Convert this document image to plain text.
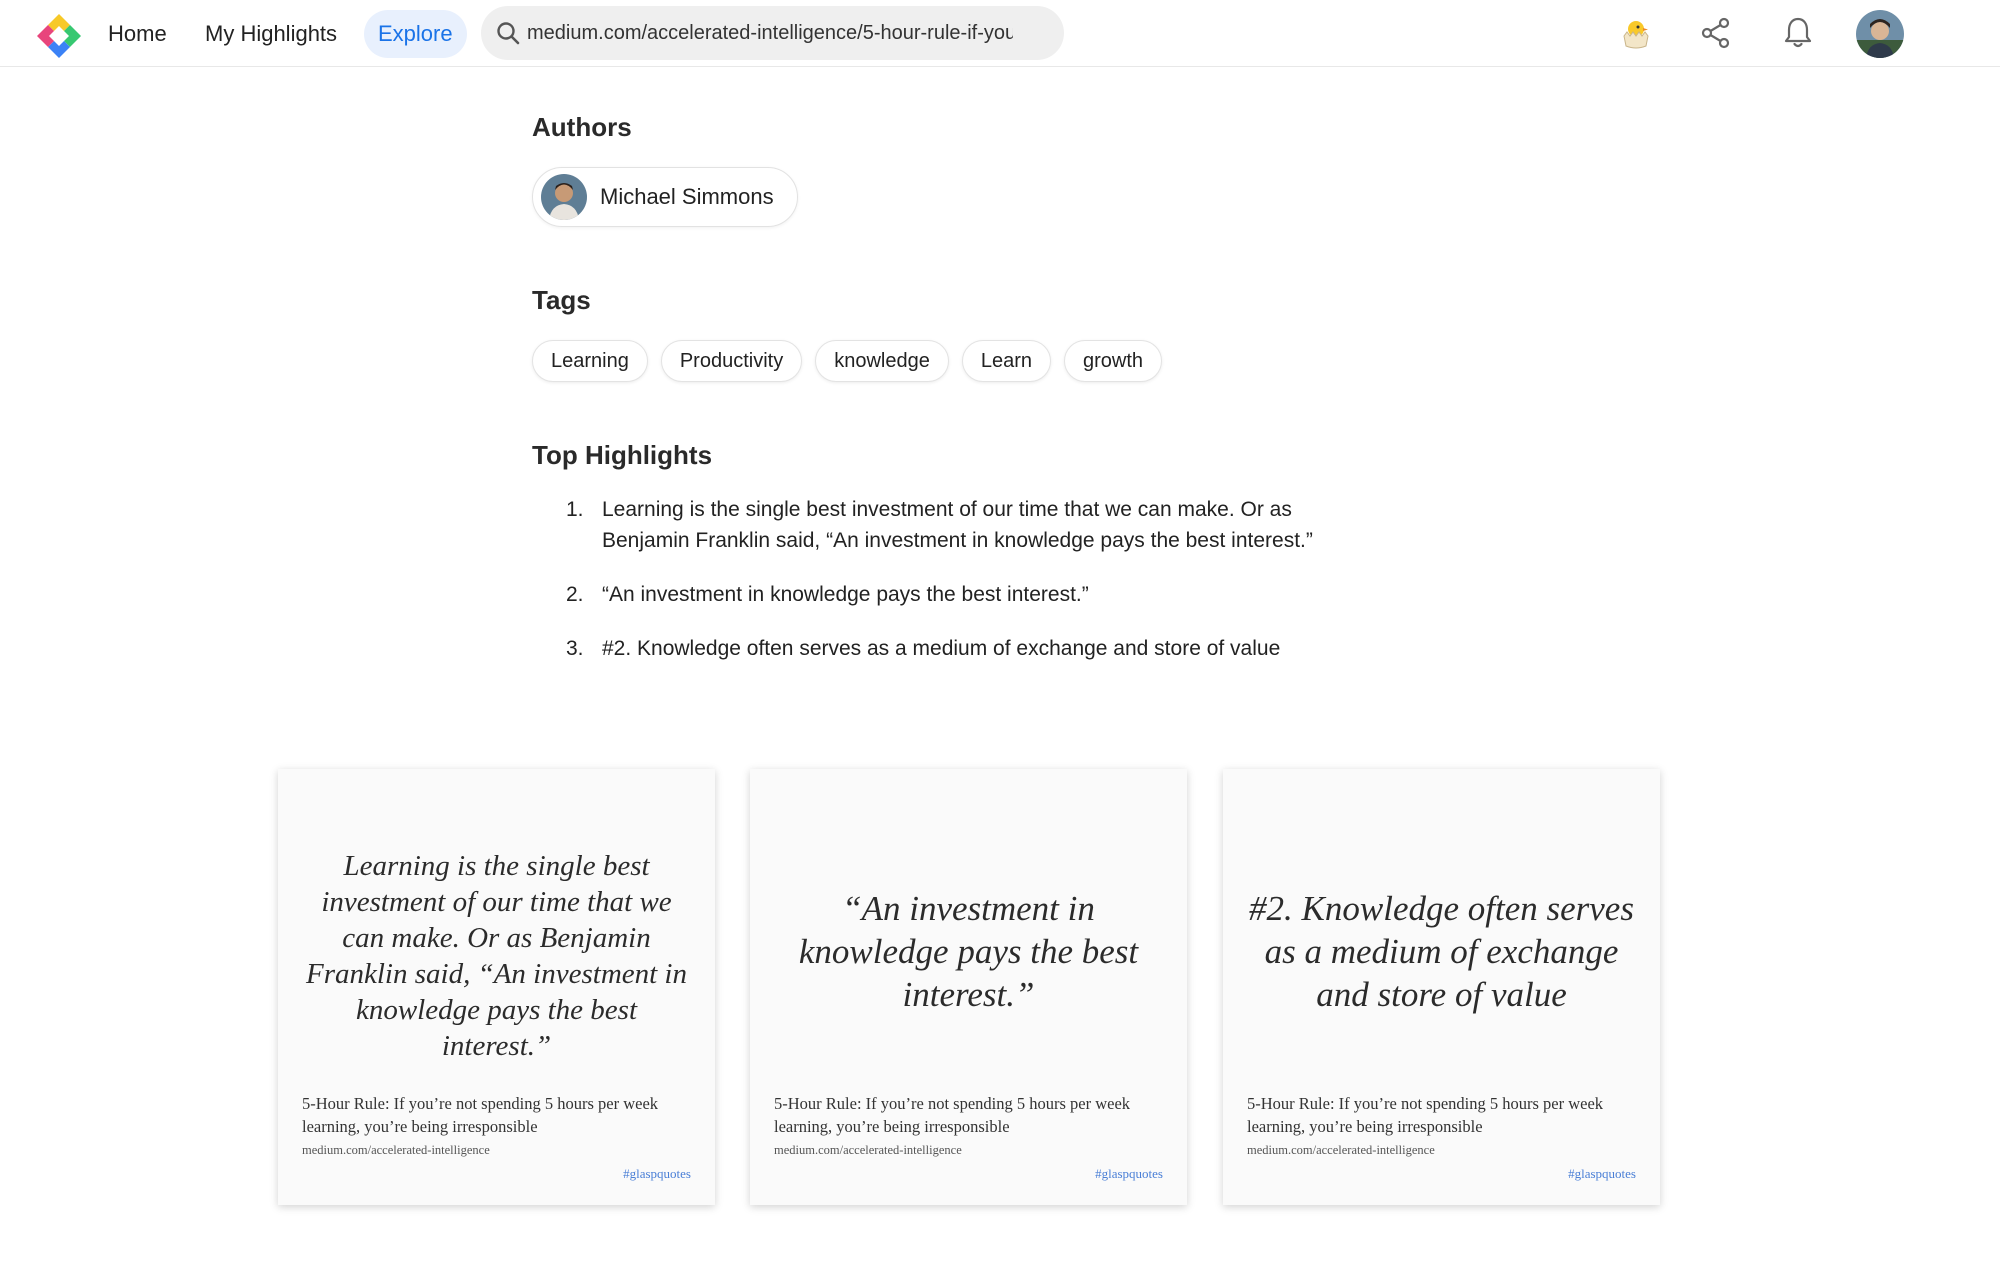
Home	My Highlights	Explore
medium.com/accelerated-intelligence/5-hour-rule-if-you
Authors
Michael Simmons
Tags
Learning	Productivity	knowledge	Learn	growth
Top Highlights
1. Learning is the single best investment of our time that we can make. Or as Benjamin Franklin said, “An investment in knowledge pays the best interest.”
2. “An investment in knowledge pays the best interest.”
3. #2. Knowledge often serves as a medium of exchange and store of value
Learning is the single best investment of our time that we can make. Or as Benjamin Franklin said, “An investment in knowledge pays the best interest.”
5-Hour Rule: If you’re not spending 5 hours per week learning, you’re being irresponsible
medium.com/accelerated-intelligence
#glaspquotes
“An investment in knowledge pays the best interest.”
5-Hour Rule: If you’re not spending 5 hours per week learning, you’re being irresponsible
medium.com/accelerated-intelligence
#glaspquotes
#2. Knowledge often serves as a medium of exchange and store of value
5-Hour Rule: If you’re not spending 5 hours per week learning, you’re being irresponsible
medium.com/accelerated-intelligence
#glaspquotes
